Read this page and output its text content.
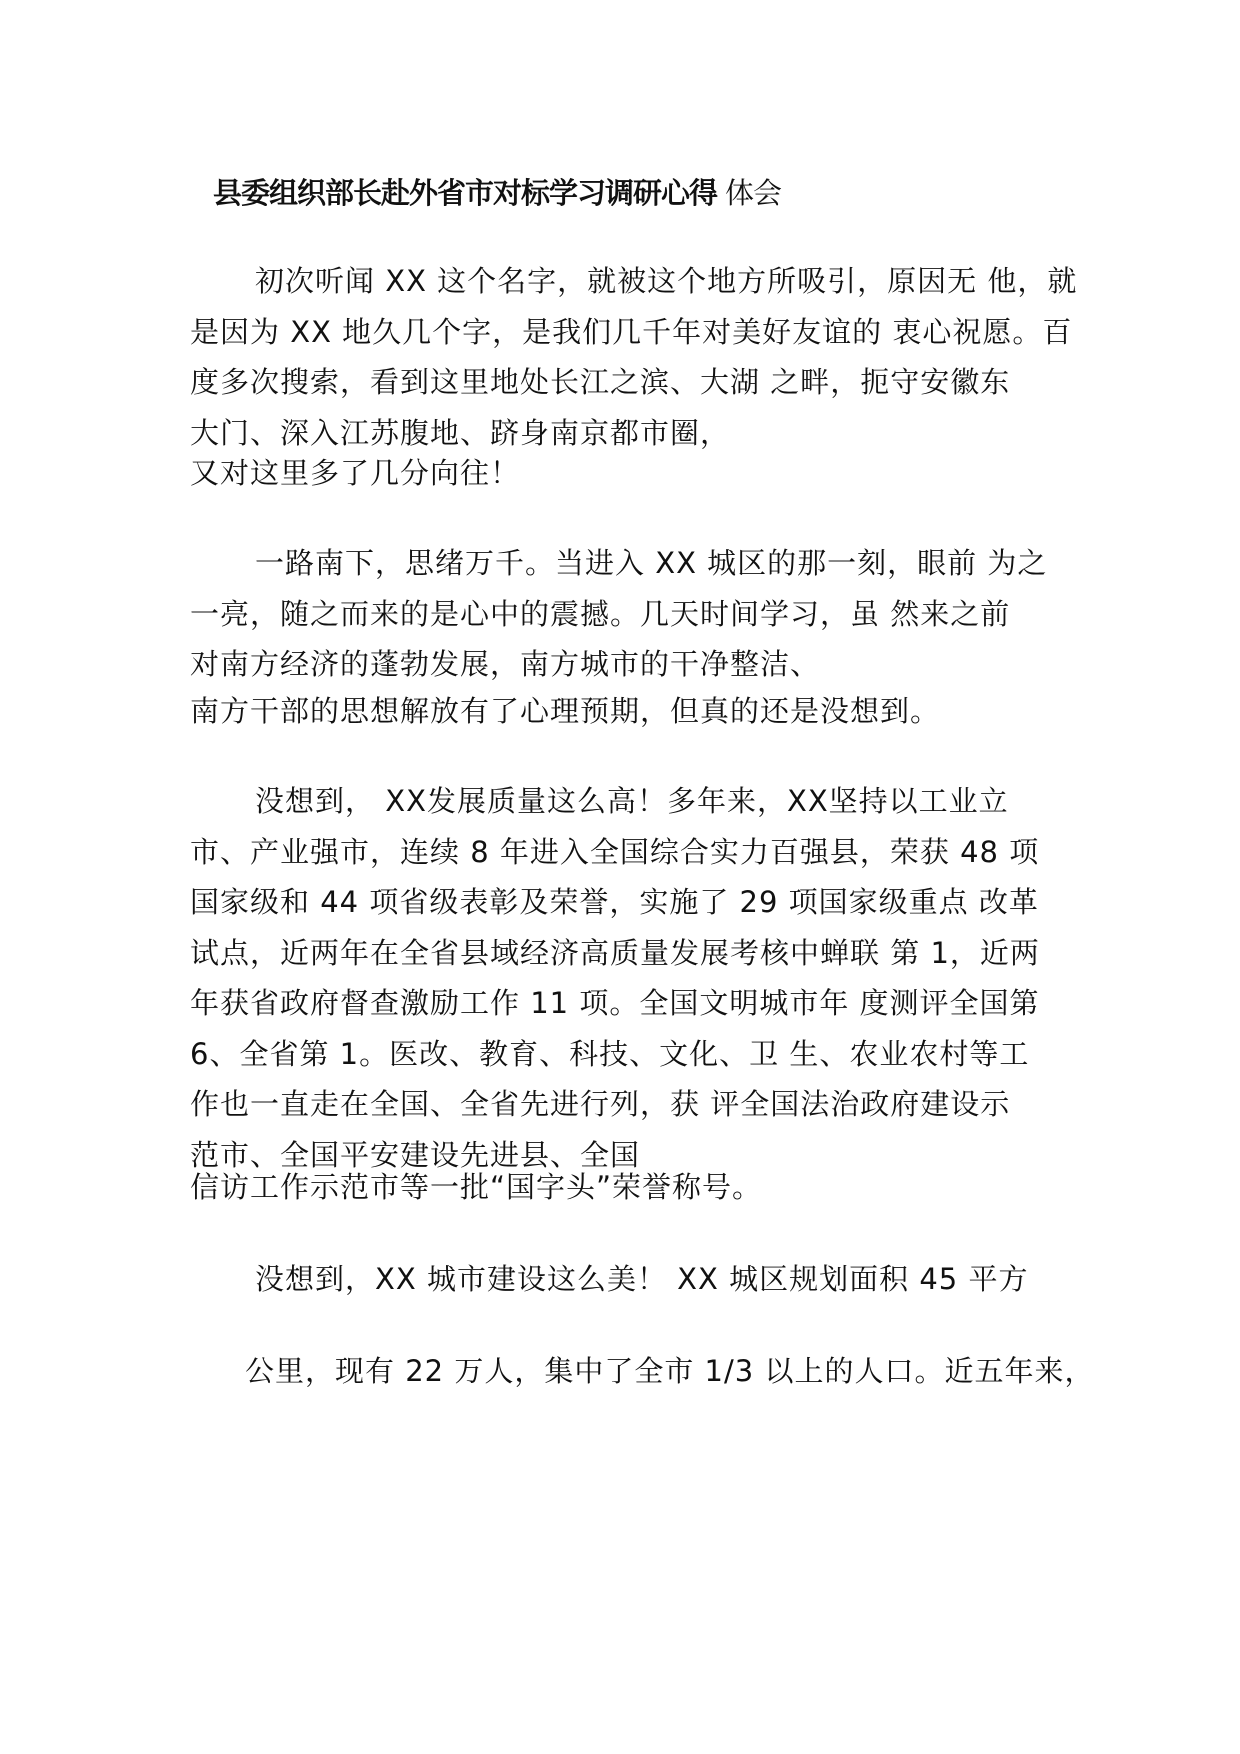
县委组织部长赴外省市对标学习调研心得 体会
初次听闻 XX 这个名字，就被这个地方所吸引，原因无 他，就
是因为 XX 地久几个字，是我们几千年对美好友谊的 衷心祝愿。百
度多次搜索，看到这里地处长江之滨、大湖 之畔，扼守安徽东
大门、深入江苏腹地、跻身南京都市圈，
又对这里多了几分向往！
一路南下，思绪万千。当进入 XX 城区的那一刻，眼前 为之
一亮，随之而来的是心中的震撼。几天时间学习，虽 然来之前
对南方经济的蓬勃发展，南方城市的干净整洁、
南方干部的思想解放有了心理预期，但真的还是没想到。
没想到， XX发展质量这么高！多年来，XX坚持以工业立
市、产业强市，连续 8 年进入全国综合实力百强县，荣获 48 项
国家级和 44 项省级表彰及荣誉，实施了 29 项国家级重点 改革
试点，近两年在全省县域经济高质量发展考核中蝉联 第 1，近两
年获省政府督查激励工作 11 项。全国文明城市年 度测评全国第
6、全省第 1。医改、教育、科技、文化、卫 生、农业农村等工
作也一直走在全国、全省先进行列，获 评全国法治政府建设示
范市、全国平安建设先进县、全国
信访工作示范市等一批“国字头”荣誉称号。
没想到，XX 城市建设这么美！ XX 城区规划面积 45 平方
公里，现有 22 万人，集中了全市 1/3 以上的人口。近五年来，
